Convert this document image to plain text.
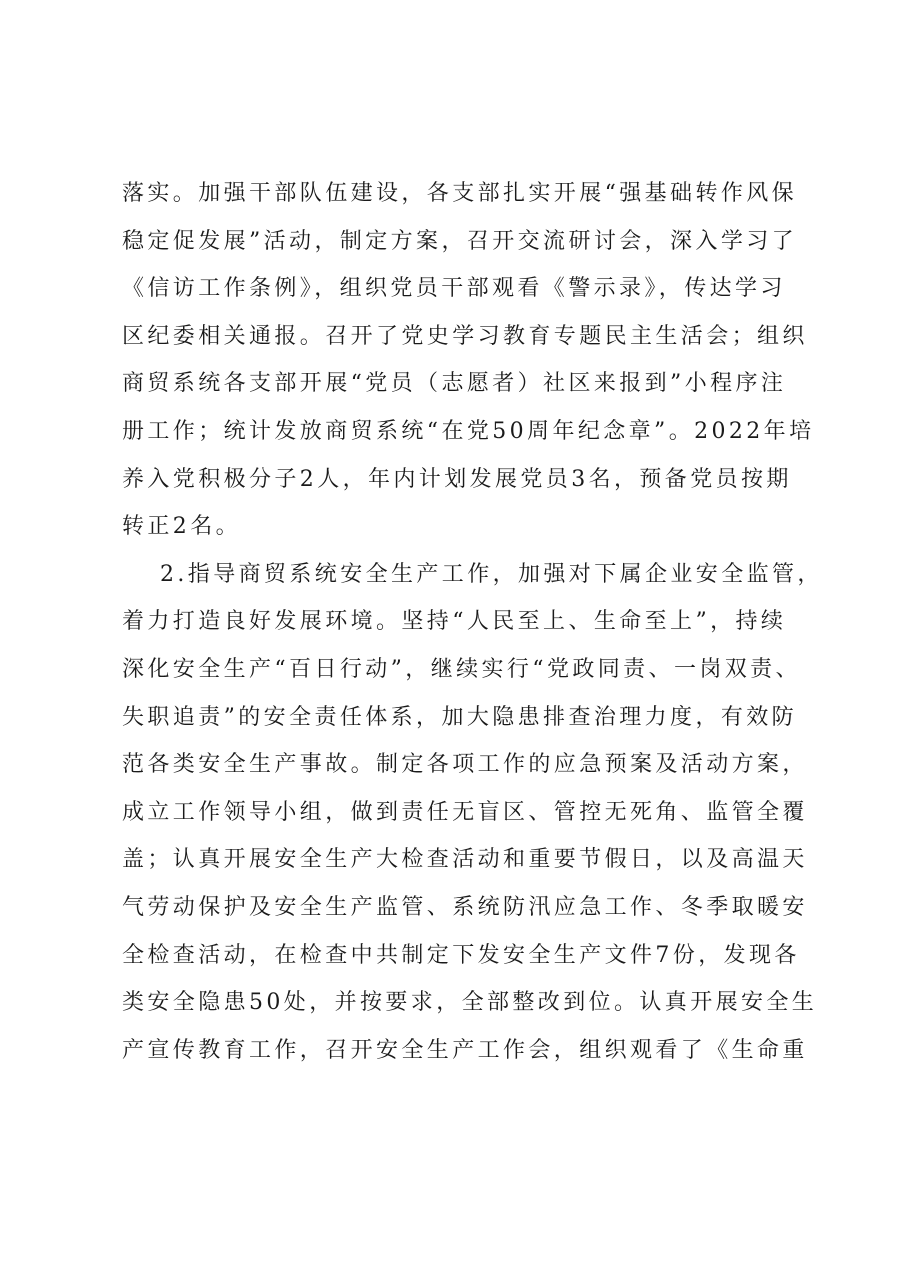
落实。加强干部队伍建设，各支部扎实开展“强基础转作风保
稳定促发展”活动，制定方案，召开交流研讨会，深入学习了
《信访工作条例》，组织党员干部观看《警示录》，传达学习
区纪委相关通报。召开了党史学习教育专题民主生活会；组织
商贸系统各支部开展“党员（志愿者）社区来报到”小程序注
册工作；统计发放商贸系统“在党50周年纪念章”。2022年培
养入党积极分子2人，年内计划发展党员3名，预备党员按期
转正2名。
2.指导商贸系统安全生产工作，加强对下属企业安全监管，
着力打造良好发展环境。坚持“人民至上、生命至上”，持续
深化安全生产“百日行动”，继续实行“党政同责、一岗双责、
失职追责”的安全责任体系，加大隐患排查治理力度，有效防
范各类安全生产事故。制定各项工作的应急预案及活动方案，
成立工作领导小组，做到责任无盲区、管控无死角、监管全覆
盖；认真开展安全生产大检查活动和重要节假日，以及高温天
气劳动保护及安全生产监管、系统防汛应急工作、冬季取暖安
全检查活动，在检查中共制定下发安全生产文件7份，发现各
类安全隐患50处，并按要求，全部整改到位。认真开展安全生
产宣传教育工作，召开安全生产工作会，组织观看了《生命重
